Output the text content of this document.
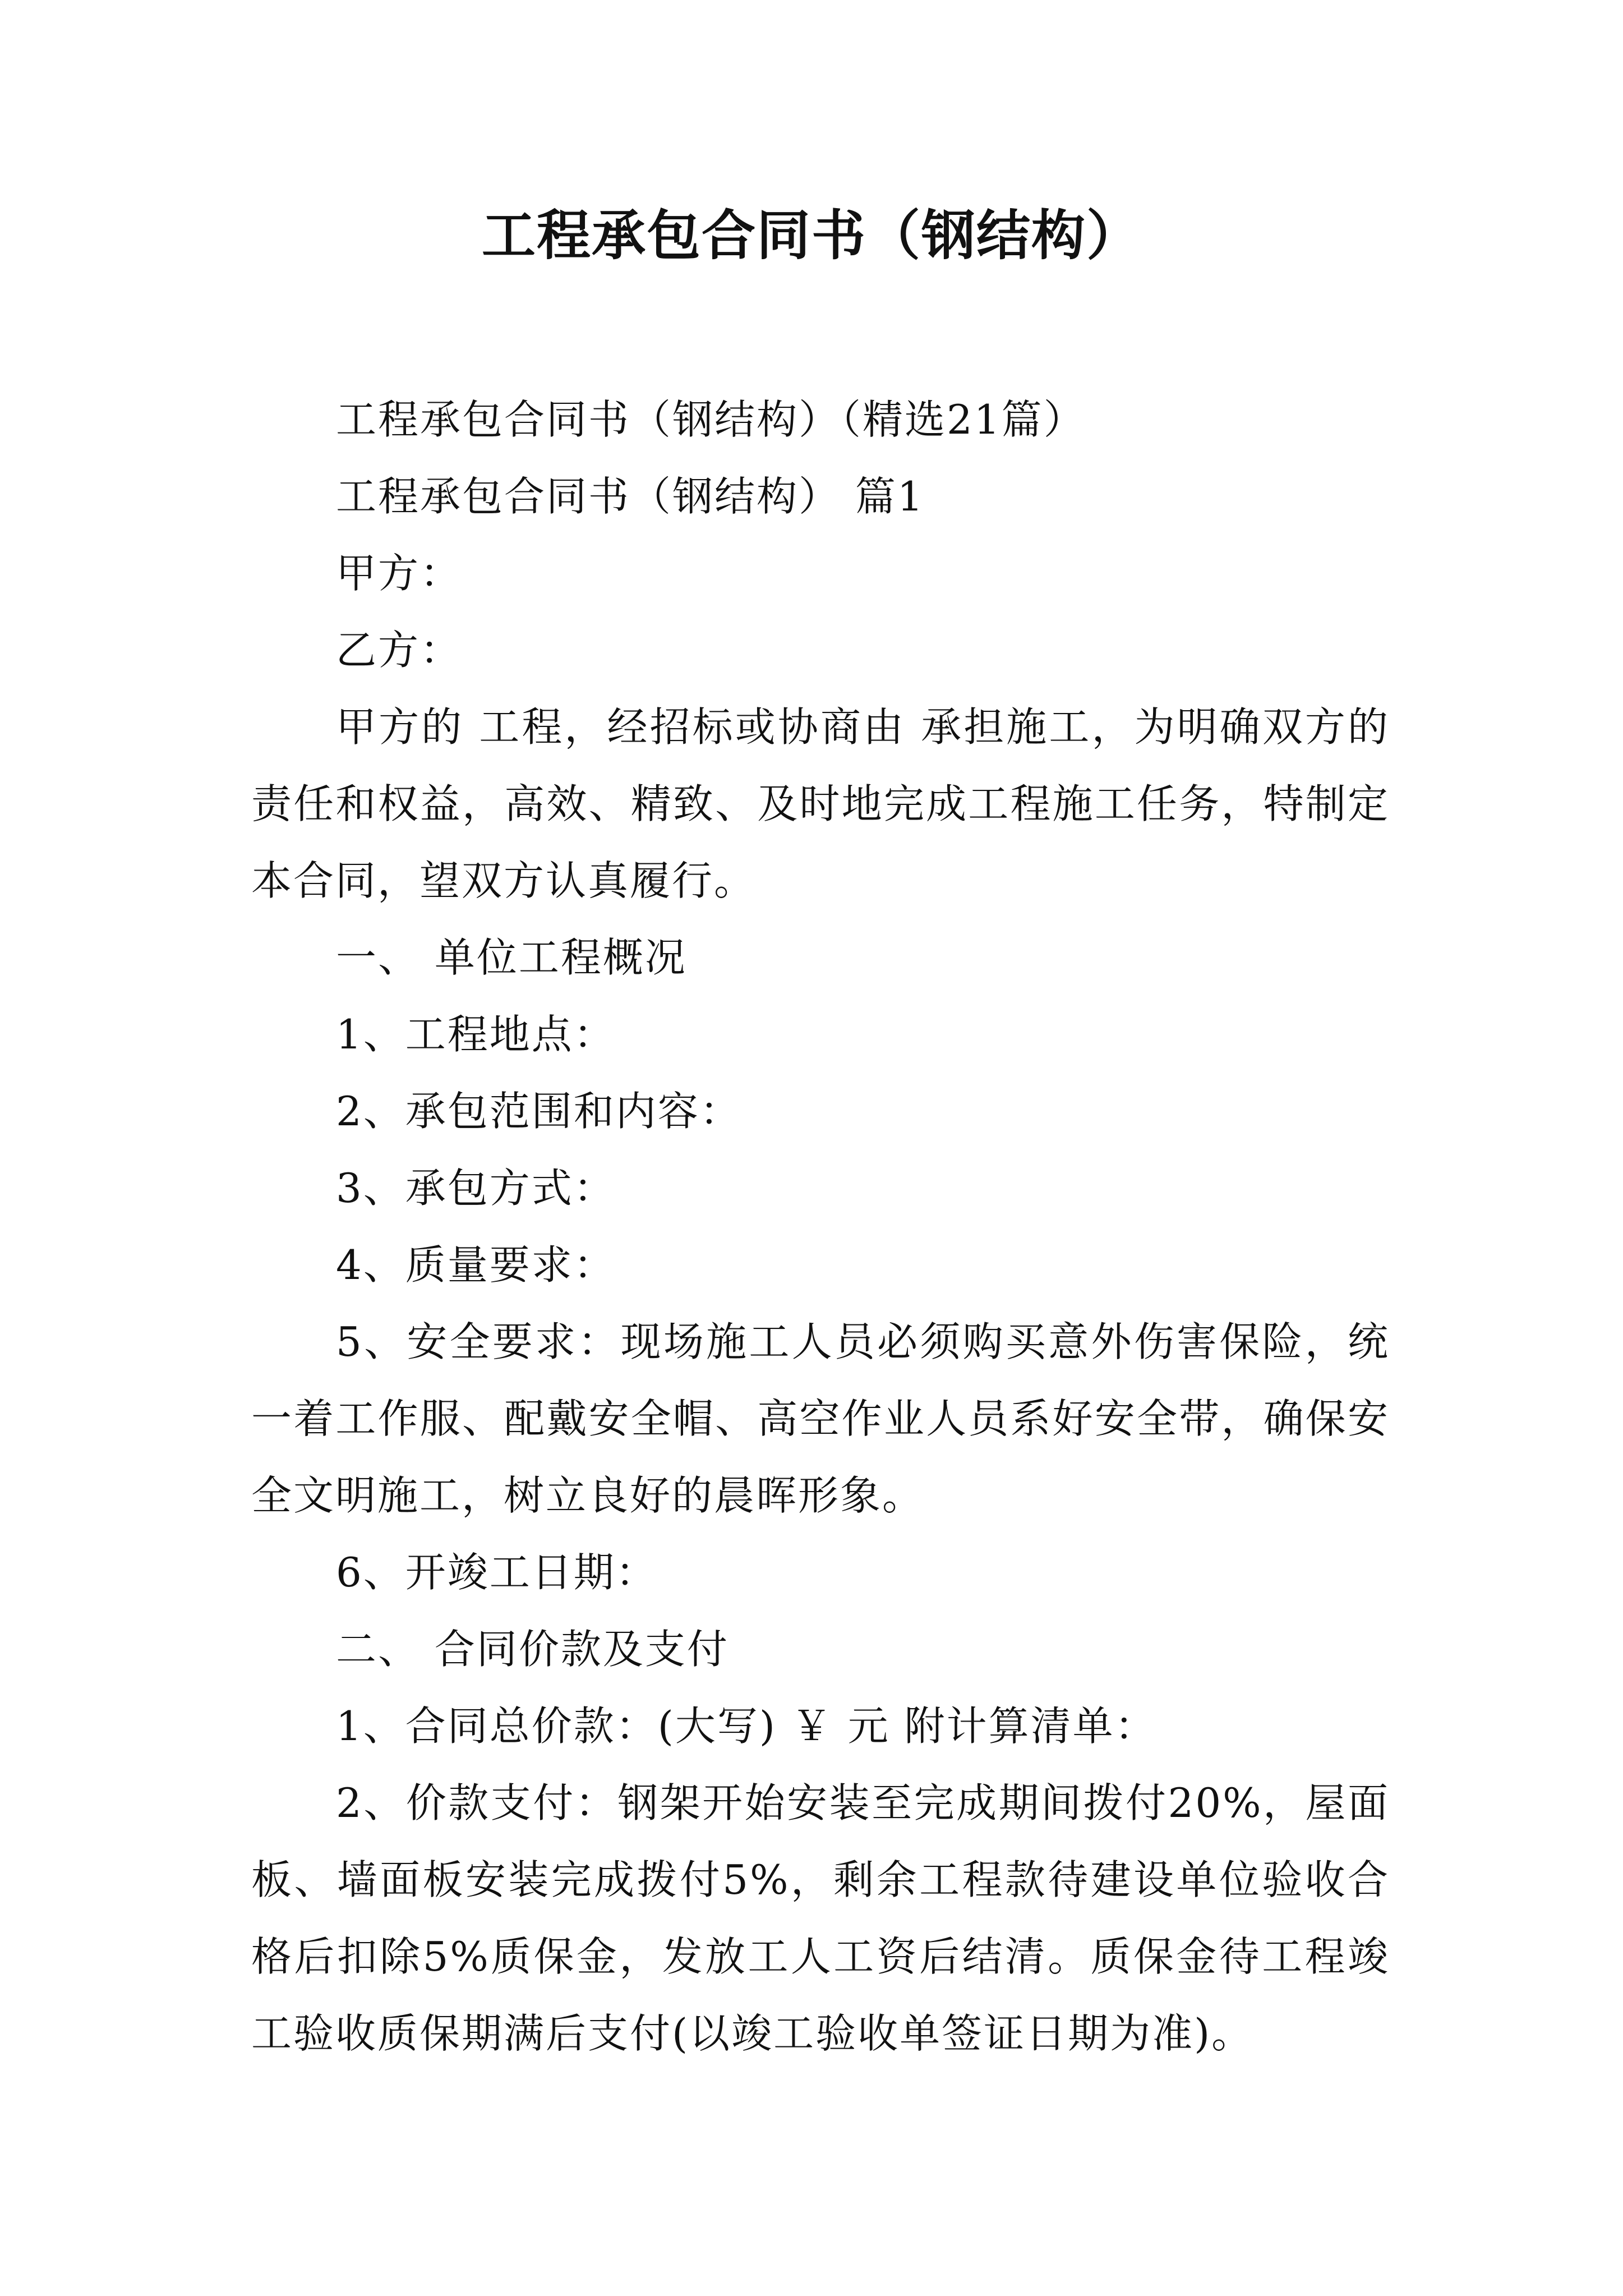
工程承包合同书（钢结构）

工程承包合同书（钢结构）（精选21篇）

工程承包合同书（钢结构） 篇1

甲方：

乙方：

甲方的 工程，经招标或协商由 承担施工，为明确双方的责任和权益，高效、精致、及时地完成工程施工任务，特制定本合同，望双方认真履行。

一、 单位工程概况

1、工程地点：

2、承包范围和内容：

3、承包方式：

4、质量要求：

5、安全要求：现场施工人员必须购买意外伤害保险，统一着工作服、配戴安全帽、高空作业人员系好安全带，确保安全文明施工，树立良好的晨晖形象。

6、开竣工日期：

二、 合同价款及支付

1、合同总价款：(大写) ￥ 元 附计算清单：

2、价款支付：钢架开始安装至完成期间拨付20%，屋面板、墙面板安装完成拨付5%，剩余工程款待建设单位验收合格后扣除5%质保金，发放工人工资后结清。质保金待工程竣工验收质保期满后支付(以竣工验收单签证日期为准)。
